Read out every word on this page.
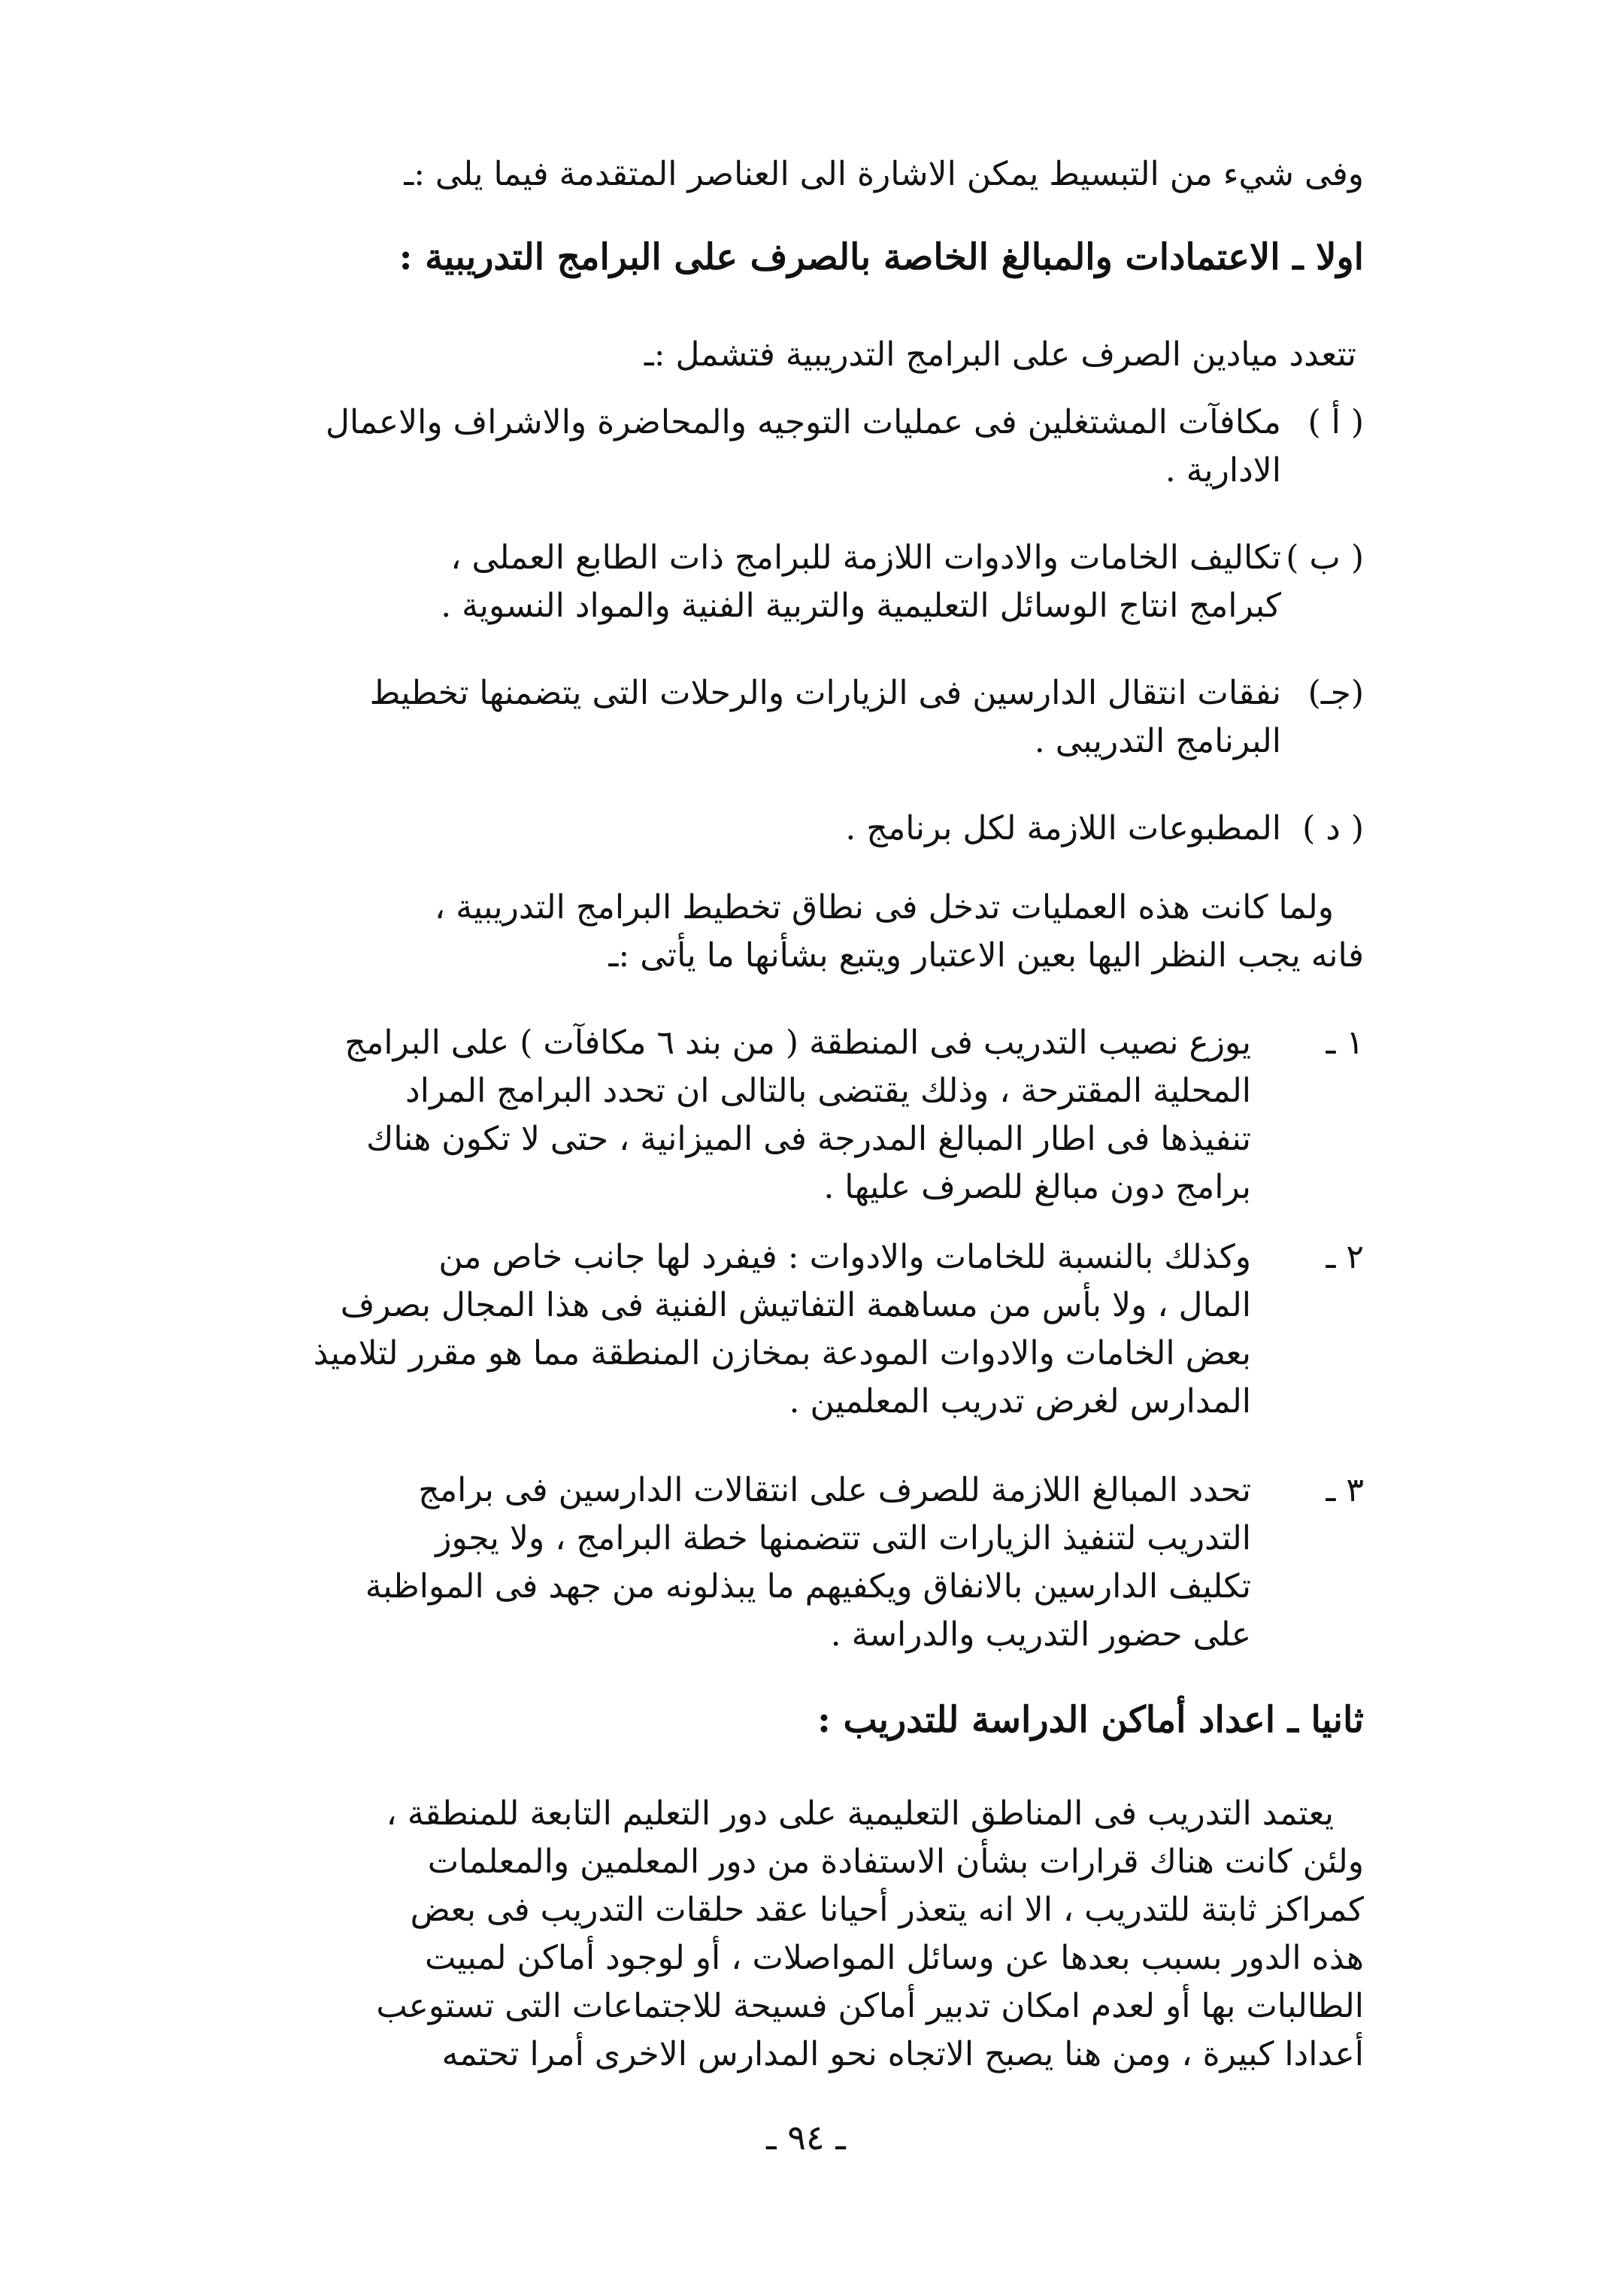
وفى شيء من التبسيط يمكن الاشارة الى العناصر المتقدمة فيما يلى :ـ

اولا ـ الاعتمادات والمبالغ الخاصة بالصرف على البرامج التدريبية :

تتعدد ميادين الصرف على البرامج التدريبية فتشمل :ـ

( أ )
مكافآت المشتغلين فى عمليات التوجيه والمحاضرة والاشراف والاعمال
الادارية .
( ب )
تكاليف الخامات والادوات اللازمة للبرامج ذات الطابع العملى ،
كبرامج انتاج الوسائل التعليمية والتربية الفنية والمواد النسوية .
(جـ)
نفقات انتقال الدارسين فى الزيارات والرحلات التى يتضمنها تخطيط
البرنامج التدريبى .
( د )
المطبوعات اللازمة لكل برنامج .

ولما كانت هذه العمليات تدخل فى نطاق تخطيط البرامج التدريبية ،
فانه يجب النظر اليها بعين الاعتبار ويتبع بشأنها ما يأتى :ـ

١ ـ
يوزع نصيب التدريب فى المنطقة ( من بند ٦ مكافآت ) على البرامج
المحلية المقترحة ، وذلك يقتضى بالتالى ان تحدد البرامج المراد
تنفيذها فى اطار المبالغ المدرجة فى الميزانية ، حتى لا تكون هناك
برامج دون مبالغ للصرف عليها .
٢ ـ
وكذلك بالنسبة للخامات والادوات : فيفرد لها جانب خاص من
المال ، ولا بأس من مساهمة التفاتيش الفنية فى هذا المجال بصرف
بعض الخامات والادوات المودعة بمخازن المنطقة مما هو مقرر لتلاميذ
المدارس لغرض تدريب المعلمين .
٣ ـ
تحدد المبالغ اللازمة للصرف على انتقالات الدارسين فى برامج
التدريب لتنفيذ الزيارات التى تتضمنها خطة البرامج ، ولا يجوز
تكليف الدارسين بالانفاق ويكفيهم ما يبذلونه من جهد فى المواظبة
على حضور التدريب والدراسة .

ثانيا ـ اعداد أماكن الدراسة للتدريب :

يعتمد التدريب فى المناطق التعليمية على دور التعليم التابعة للمنطقة ،
ولئن كانت هناك قرارات بشأن الاستفادة من دور المعلمين والمعلمات
كمراكز ثابتة للتدريب ، الا انه يتعذر أحيانا عقد حلقات التدريب فى بعض
هذه الدور بسبب بعدها عن وسائل المواصلات ، أو لوجود أماكن لمبيت
الطالبات بها أو لعدم امكان تدبير أماكن فسيحة للاجتماعات التى تستوعب
أعدادا كبيرة ، ومن هنا يصبح الاتجاه نحو المدارس الاخرى أمرا تحتمه

ـ ٩٤ ـ
